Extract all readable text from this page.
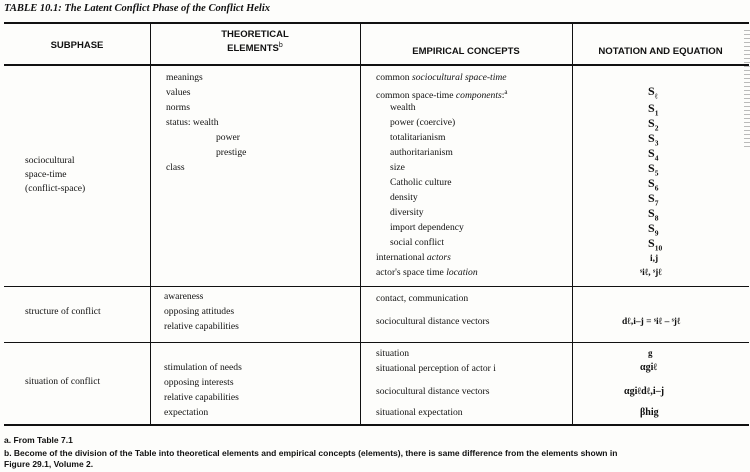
TABLE 10.1: The Latent Conflict Phase of the Conflict Helix
SUBPHASE
THEORETICAL
ELEMENTS$^b$
EMPIRICAL CONCEPTS	NOTATION AND EQUATION
sociocultural
space-time
(conflict-space)
meanings
values
norms
status: wealth
power
prestige
class
common sociocultural space-time
common space-time components:$^a$
wealth
power (coercive)
totalitarianism
authoritarianism
size
Catholic culture
density
diversity
import dependency
social conflict
international actors
actor's space time location
$S_\ell$
$S_1$
$S_2$
$S_3$
$S_4$
$S_5$
$S_6$
$S_7$
$S_8$
$S_9$
$S_{10}$
i,j
ˢiℓ, ˢjℓ
structure of conflict
awareness
opposing attitudes
relative capabilities
contact, communication
sociocultural distance vectors	dℓ,i–j = ˢiℓ – ˢjℓ
situation of conflict
stimulation of needs
opposing interests
relative capabilities
expectation
situation
situational perception of actor i
sociocultural distance vectors
situational expectation
g
αgiℓ
αgiℓdℓ,i–j
βhig
a. From Table 7.1
b. Become of the division of the Table into theoretical elements and empirical concepts (elements), there is same difference from the elements shown in
Figure 29.1, Volume 2.
